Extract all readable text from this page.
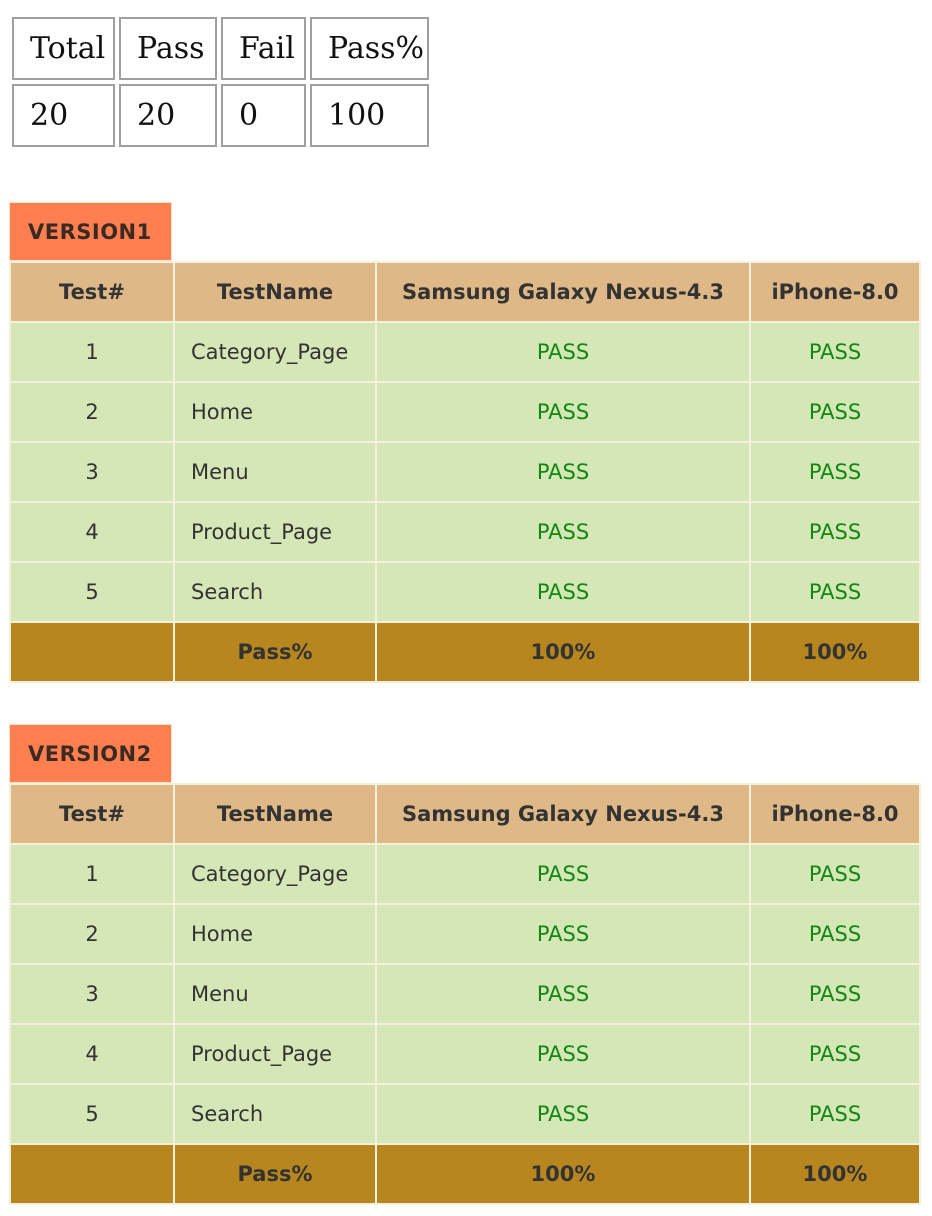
Total	Pass	Fail	Pass%
20	20	0	100
VERSION1
Test#	TestName	Samsung Galaxy Nexus-4.3	iPhone-8.0
1	Category_Page	PASS	PASS
2	Home	PASS	PASS
3	Menu	PASS	PASS
4	Product_Page	PASS	PASS
5	Search	PASS	PASS
	Pass%	100%	100%
VERSION2
Test#	TestName	Samsung Galaxy Nexus-4.3	iPhone-8.0
1	Category_Page	PASS	PASS
2	Home	PASS	PASS
3	Menu	PASS	PASS
4	Product_Page	PASS	PASS
5	Search	PASS	PASS
	Pass%	100%	100%
